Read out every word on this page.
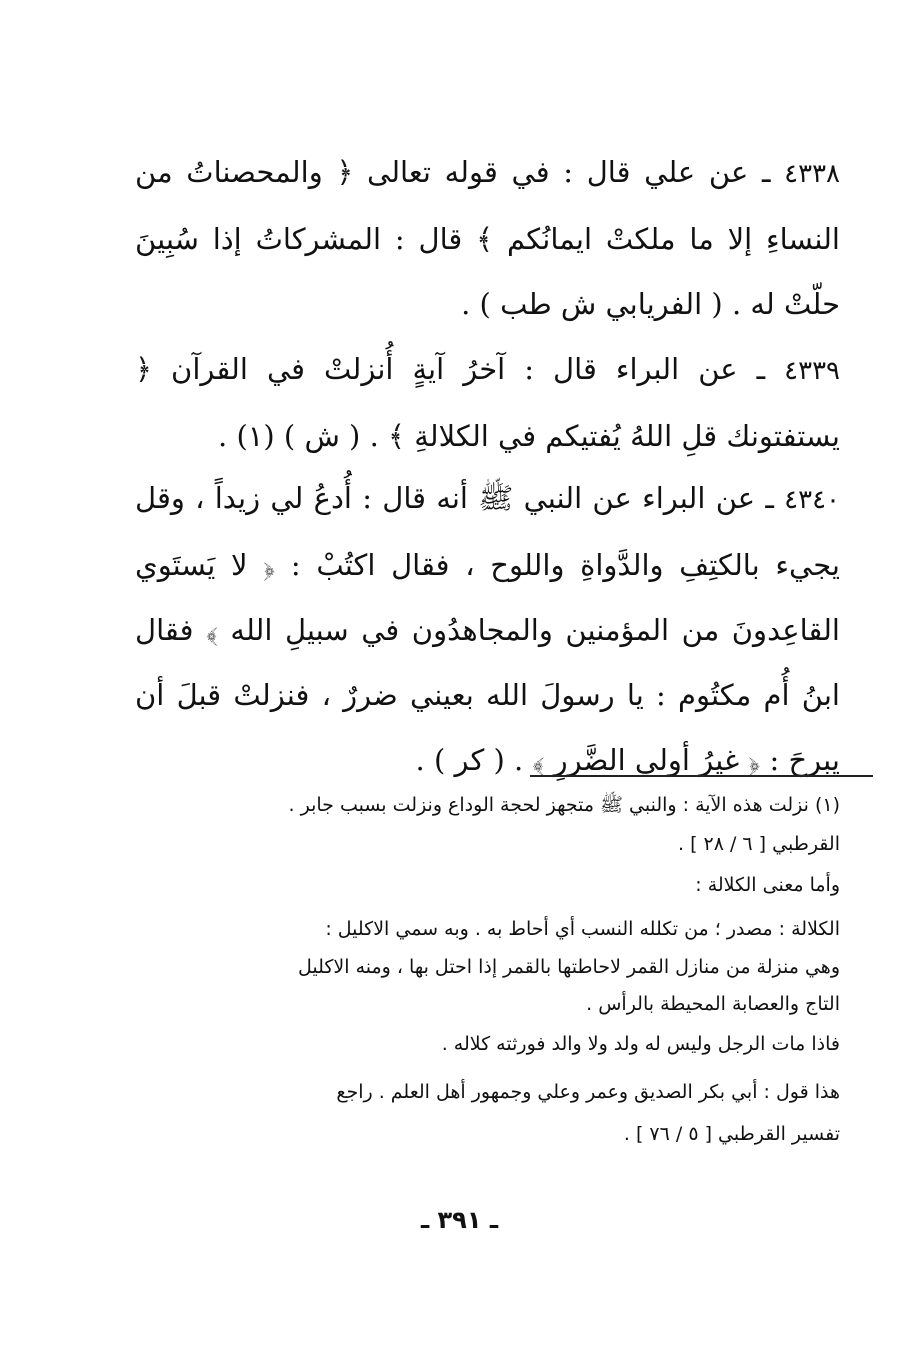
٤٣٣٨ ـ عن علي قال : في قوله تعالى ﴿ والمحصناتُ من النساءِ إلا ما ملكتْ ايمانُكم ﴾ قال : المشركاتُ إذا سُبِينَ حلّتْ له . ( الفريابي ش طب ) .
٤٣٣٩ ـ عن البراء قال : آخرُ آيةٍ أُنزلتْ في القرآن ﴿ يستفتونك قلِ اللهُ يُفتيكم في الكلالةِ ﴾ . ( ش ) (١) .
٤٣٤٠ ـ عن البراء عن النبي ﷺ أنه قال : أُدعُ لي زيداً ، وقل يجيء بالكتِفِ والدَّواةِ واللوح ، فقال اكتُبْ : ﴿ لا يَستَوي القاعِدونَ من المؤمنين والمجاهدُون في سبيلِ الله ﴾ فقال ابنُ أُم مكتُوم : يا رسولَ الله بعيني ضررٌ ، فنزلتْ قبلَ أن يبرحَ : ﴿ غيرُ أولي الضَّررِ ﴾ . ( كر ) .
(١) نزلت هذه الآية : والنبي ﷺ متجهز لحجة الوداع ونزلت بسبب جابر .
القرطبي [ ٦ / ٢٨ ] .
وأما معنى الكلالة :
الكلالة : مصدر ؛ من تكلله النسب أي أحاط به . وبه سمي الاكليل :
وهي منزلة من منازل القمر لاحاطتها بالقمر إذا احتل بها ، ومنه الاكليل
التاج والعصابة المحيطة بالرأس .
فاذا مات الرجل وليس له ولد ولا والد فورثته كلاله .
هذا قول : أبي بكر الصديق وعمر وعلي وجمهور أهل العلم . راجع
تفسير القرطبي [ ٥ / ٧٦ ] .
ـ ٣٩١ ـ
